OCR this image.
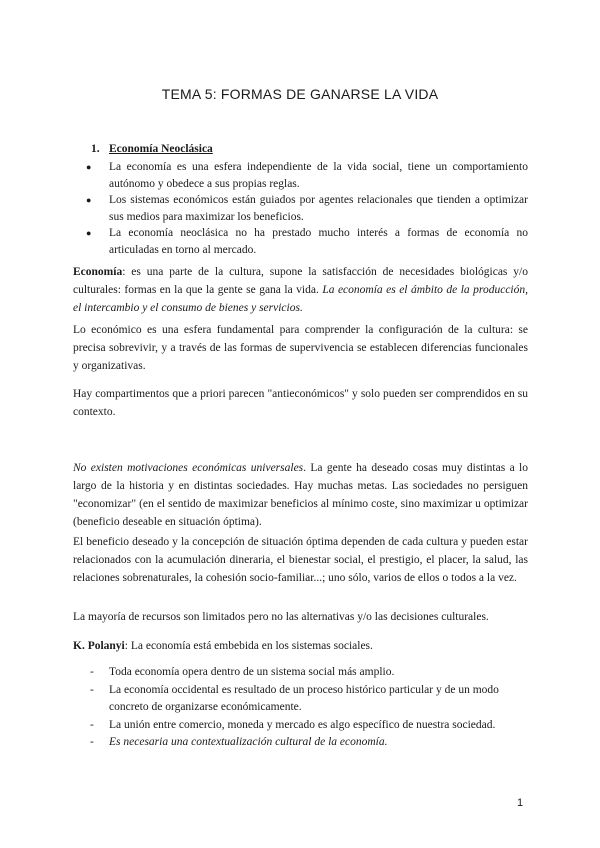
TEMA 5: FORMAS DE GANARSE LA VIDA
1. Economía Neoclásica
● La economía es una esfera independiente de la vida social, tiene un comportamiento autónomo y obedece a sus propias reglas.
● Los sistemas económicos están guiados por agentes relacionales que tienden a optimizar sus medios para maximizar los beneficios.
● La economía neoclásica no ha prestado mucho interés a formas de economía no articuladas en torno al mercado.
Economía: es una parte de la cultura, supone la satisfacción de necesidades biológicas y/o culturales: formas en la que la gente se gana la vida. La economía es el ámbito de la producción, el intercambio y el consumo de bienes y servicios.
Lo económico es una esfera fundamental para comprender la configuración de la cultura: se precisa sobrevivir, y a través de las formas de supervivencia se establecen diferencias funcionales y organizativas.
Hay compartimentos que a priori parecen "antieconómicos" y solo pueden ser comprendidos en su contexto.
No existen motivaciones económicas universales. La gente ha deseado cosas muy distintas a lo largo de la historia y en distintas sociedades. Hay muchas metas. Las sociedades no persiguen "economizar" (en el sentido de maximizar beneficios al mínimo coste, sino maximizar u optimizar (beneficio deseable en situación óptima).
El beneficio deseado y la concepción de situación óptima dependen de cada cultura y pueden estar relacionados con la acumulación dineraria, el bienestar social, el prestigio, el placer, la salud, las relaciones sobrenaturales, la cohesión socio-familiar...; uno sólo, varios de ellos o todos a la vez.
La mayoría de recursos son limitados pero no las alternativas y/o las decisiones culturales.
K. Polanyi: La economía está embebida en los sistemas sociales.
- Toda economía opera dentro de un sistema social más amplio.
- La economía occidental es resultado de un proceso histórico particular y de un modo concreto de organizarse económicamente.
- La unión entre comercio, moneda y mercado es algo específico de nuestra sociedad.
- Es necesaria una contextualización cultural de la economía.
1
